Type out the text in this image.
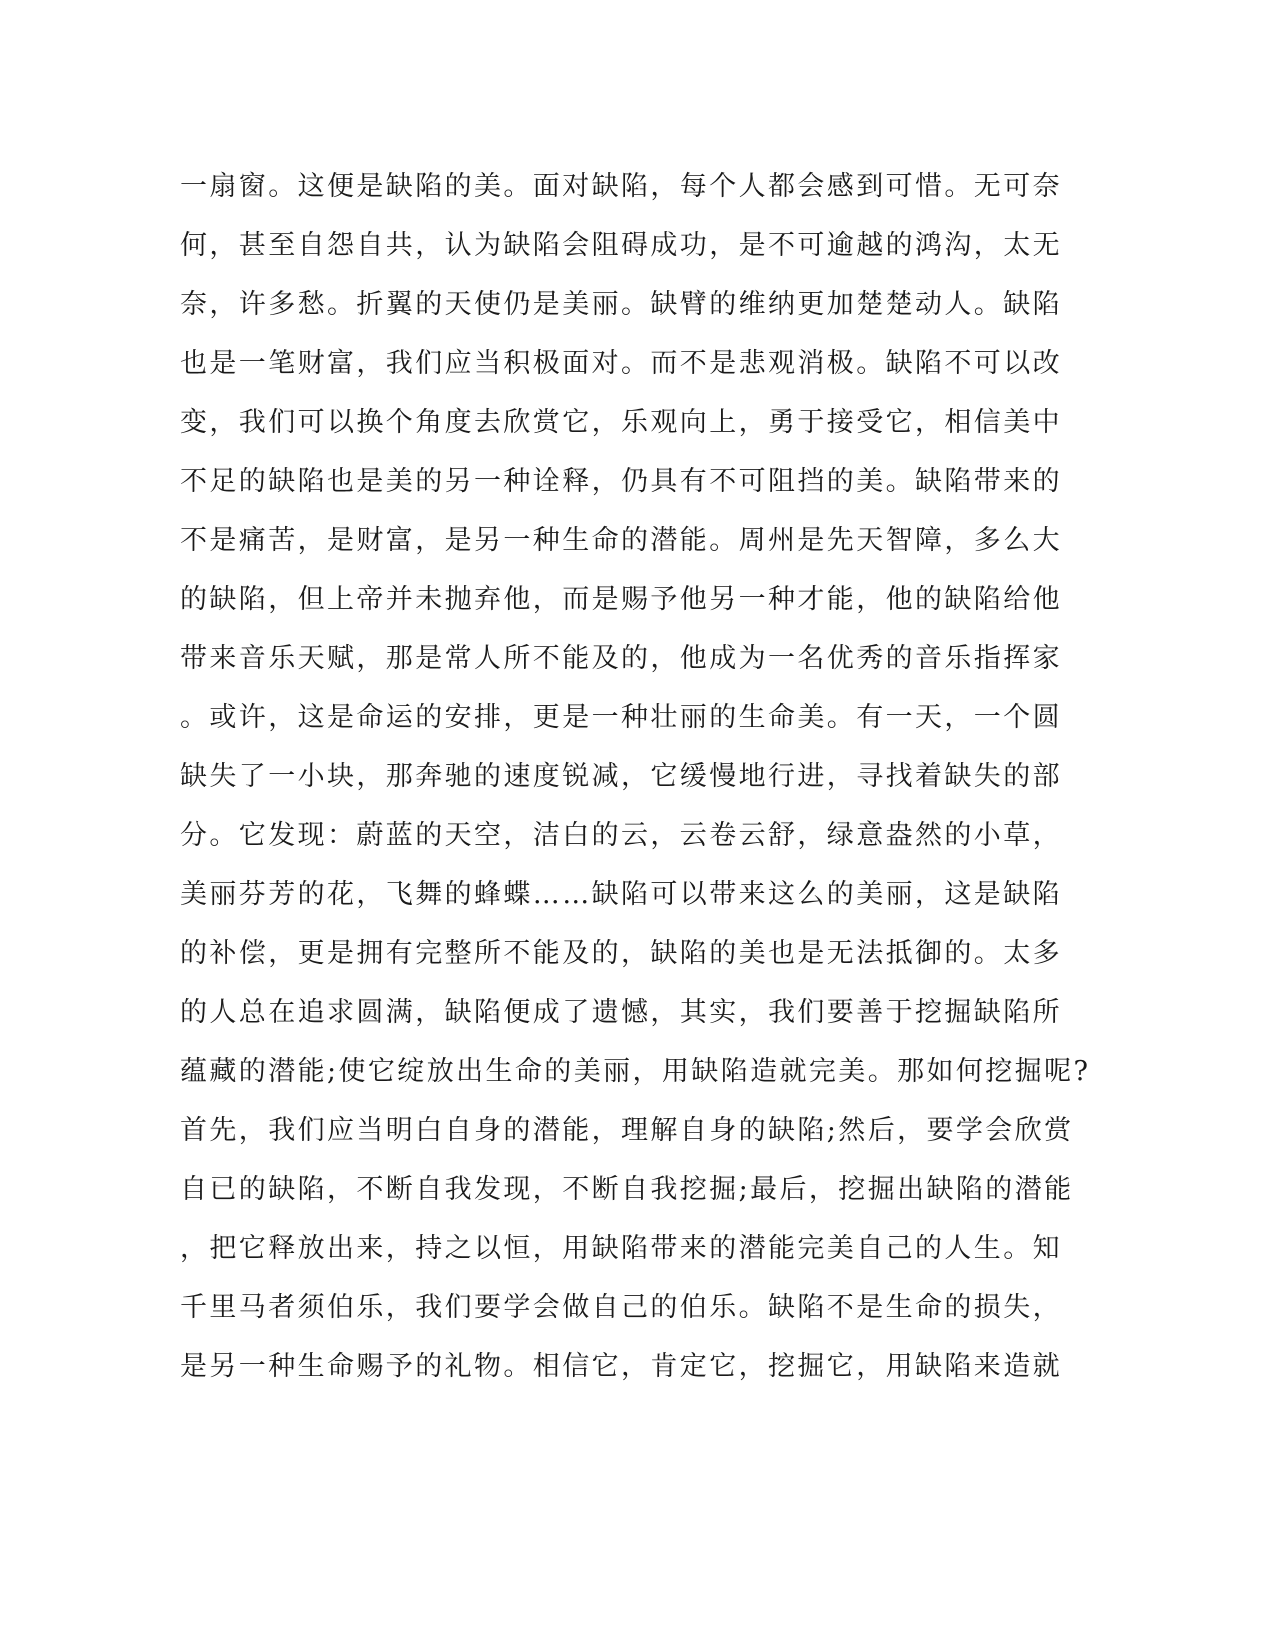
一扇窗。这便是缺陷的美。面对缺陷，每个人都会感到可惜。无可奈
何，甚至自怨自共，认为缺陷会阻碍成功，是不可逾越的鸿沟，太无
奈，许多愁。折翼的天使仍是美丽。缺臂的维纳更加楚楚动人。缺陷
也是一笔财富，我们应当积极面对。而不是悲观消极。缺陷不可以改
变，我们可以换个角度去欣赏它，乐观向上，勇于接受它，相信美中
不足的缺陷也是美的另一种诠释，仍具有不可阻挡的美。缺陷带来的
不是痛苦，是财富，是另一种生命的潜能。周州是先天智障，多么大
的缺陷，但上帝并未抛弃他，而是赐予他另一种才能，他的缺陷给他
带来音乐天赋，那是常人所不能及的，他成为一名优秀的音乐指挥家
。或许，这是命运的安排，更是一种壮丽的生命美。有一天，一个圆
缺失了一小块，那奔驰的速度锐减，它缓慢地行进，寻找着缺失的部
分。它发现：蔚蓝的天空，洁白的云，云卷云舒，绿意盎然的小草，
美丽芬芳的花，飞舞的蜂蝶……缺陷可以带来这么的美丽，这是缺陷
的补偿，更是拥有完整所不能及的，缺陷的美也是无法抵御的。太多
的人总在追求圆满，缺陷便成了遗憾，其实，我们要善于挖掘缺陷所
蕴藏的潜能;使它绽放出生命的美丽，用缺陷造就完美。那如何挖掘呢?
首先，我们应当明白自身的潜能，理解自身的缺陷;然后，要学会欣赏
自已的缺陷，不断自我发现，不断自我挖掘;最后，挖掘出缺陷的潜能
，把它释放出来，持之以恒，用缺陷带来的潜能完美自己的人生。知
千里马者须伯乐，我们要学会做自己的伯乐。缺陷不是生命的损失，
是另一种生命赐予的礼物。相信它，肯定它，挖掘它，用缺陷来造就
